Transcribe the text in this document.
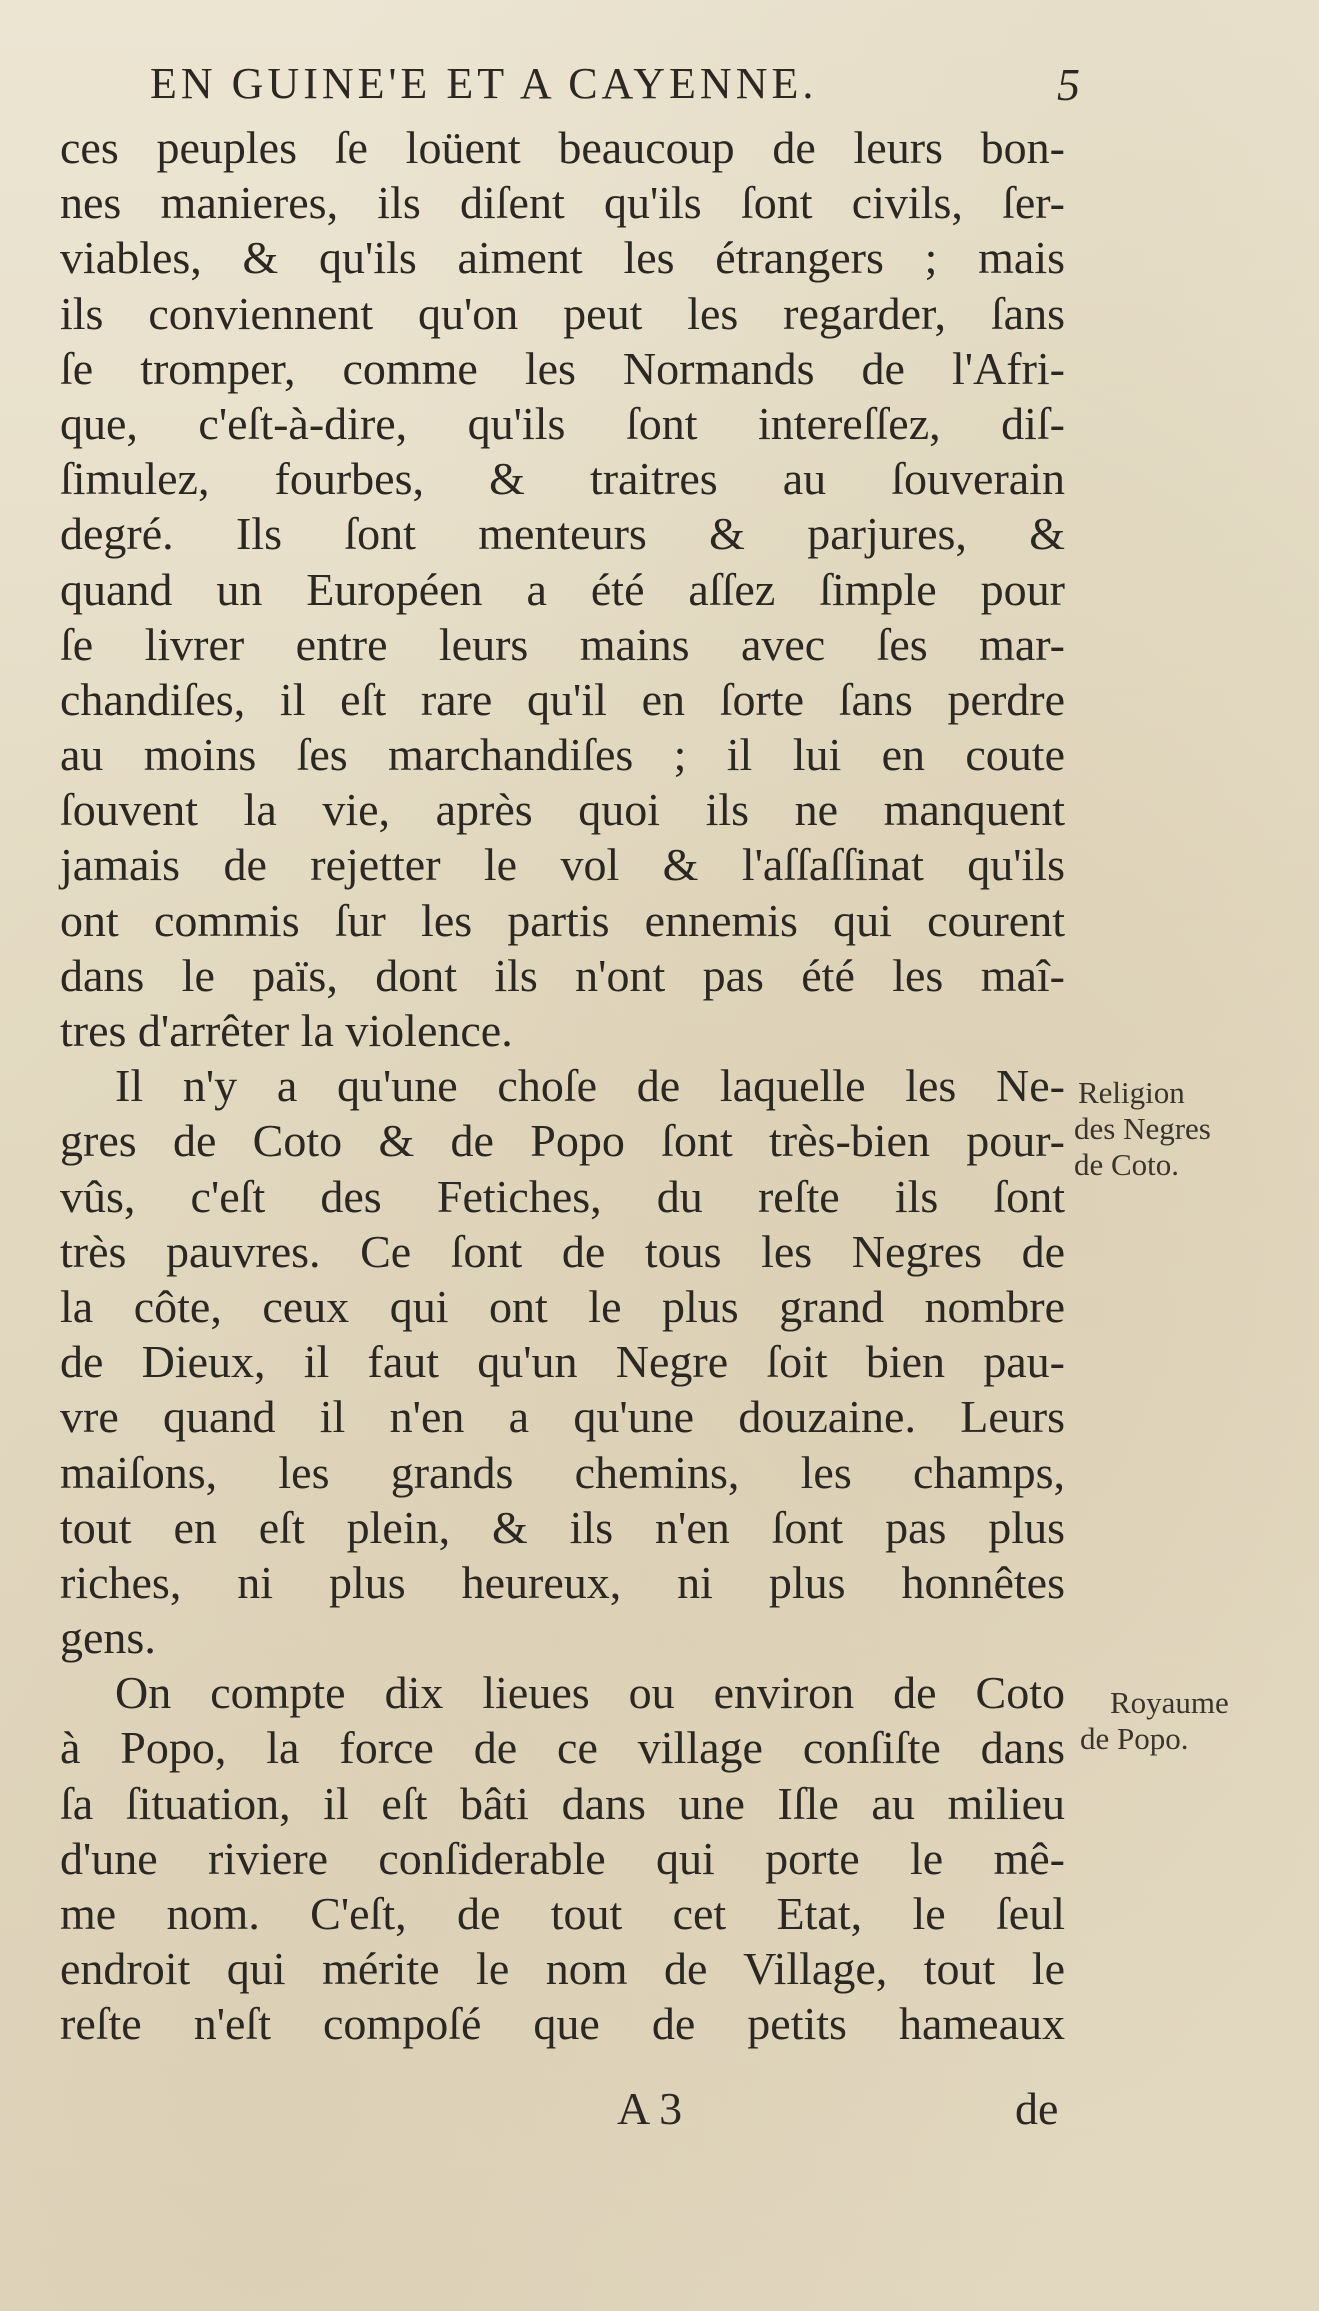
EN GUINE'E ET A CAYENNE.	5
ces peuples ſe loüent beaucoup de leurs bon-
nes manieres, ils diſent qu'ils ſont civils, ſer-
viables, & qu'ils aiment les étrangers ; mais
ils conviennent qu'on peut les regarder, ſans
ſe tromper, comme les Normands de l'Afri-
que, c'eſt-à-dire, qu'ils ſont intereſſez, diſ-
ſimulez, fourbes, & traitres au ſouverain
degré. Ils ſont menteurs & parjures, &
quand un Européen a été aſſez ſimple pour
ſe livrer entre leurs mains avec ſes mar-
chandiſes, il eſt rare qu'il en ſorte ſans perdre
au moins ſes marchandiſes ; il lui en coute
ſouvent la vie, après quoi ils ne manquent
jamais de rejetter le vol & l'aſſaſſinat qu'ils
ont commis ſur les partis ennemis qui courent
dans le païs, dont ils n'ont pas été les maî-
tres d'arrêter la violence.
Il n'y a qu'une choſe de laquelle les Ne-
gres de Coto & de Popo ſont très-bien pour-
vûs, c'eſt des Fetiches, du reſte ils ſont
très pauvres. Ce ſont de tous les Negres de
la côte, ceux qui ont le plus grand nombre
de Dieux, il faut qu'un Negre ſoit bien pau-
vre quand il n'en a qu'une douzaine. Leurs
maiſons, les grands chemins, les champs,
tout en eſt plein, & ils n'en ſont pas plus
riches, ni plus heureux, ni plus honnêtes
gens.
On compte dix lieues ou environ de Coto
à Popo, la force de ce village conſiſte dans
ſa ſituation, il eſt bâti dans une Iſle au milieu
d'une riviere conſiderable qui porte le mê-
me nom. C'eſt, de tout cet Etat, le ſeul
endroit qui mérite le nom de Village, tout le
reſte n'eſt compoſé que de petits hameaux
Religion
des Negres
de Coto.
Royaume
de Popo.
A 3	de
